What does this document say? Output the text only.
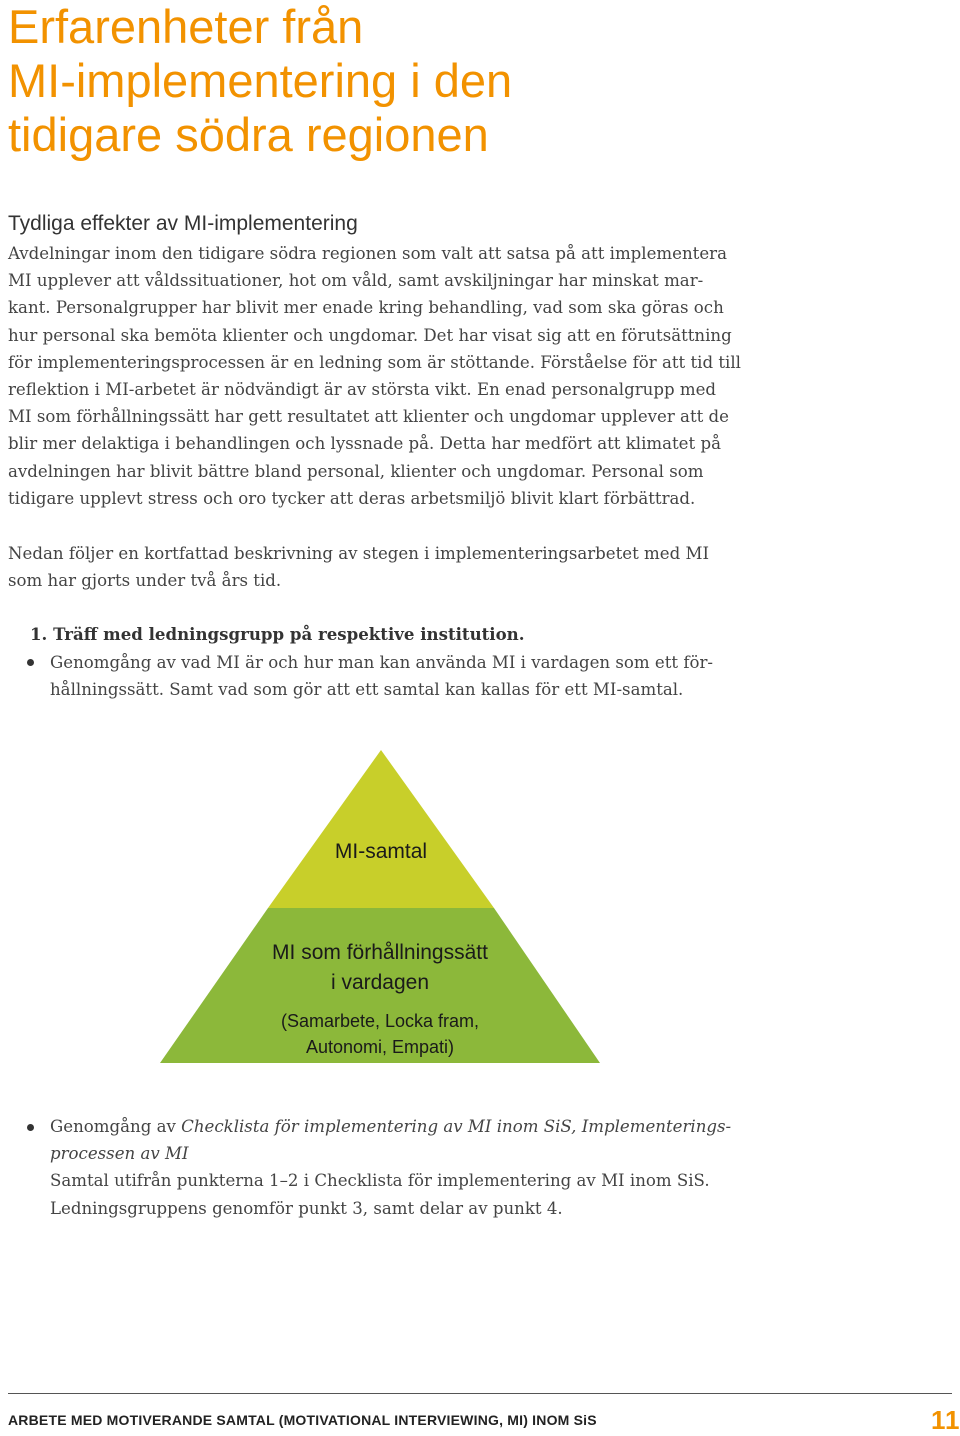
Erfarenheter från
MI-implementering i den
tidigare södra regionen
Tydliga effekter av MI-implementering
Avdelningar inom den tidigare södra regionen som valt att satsa på att implementera
MI upplever att våldssituationer, hot om våld, samt avskiljningar har minskat mar-
kant. Personalgrupper har blivit mer enade kring behandling, vad som ska göras och
hur personal ska bemöta klienter och ungdomar. Det har visat sig att en förutsättning
för implementeringsprocessen är en ledning som är stöttande. Förståelse för att tid till
reflektion i MI-arbetet är nödvändigt är av största vikt. En enad personalgrupp med
MI som förhållningssätt har gett resultatet att klienter och ungdomar upplever att de
blir mer delaktiga i behandlingen och lyssnade på. Detta har medfört att klimatet på
avdelningen har blivit bättre bland personal, klienter och ungdomar. Personal som
tidigare upplevt stress och oro tycker att deras arbetsmiljö blivit klart förbättrad.
Nedan följer en kortfattad beskrivning av stegen i implementeringsarbetet med MI
som har gjorts under två års tid.

1. Träff med ledningsgrupp på respektive institution.

Genomgång av vad MI är och hur man kan använda MI i vardagen som ett för-
hållningssätt. Samt vad som gör att ett samtal kan kallas för ett MI-samtal.

MI-samtal

MI som förhållningssätt

i vardagen

(Samarbete, Locka fram,

Autonomi, Empati)

Genomgång av Checklista för implementering av MI inom SiS, Implementerings-
processen av MI
Samtal utifrån punkterna 1–2 i Checklista för implementering av MI inom SiS.
Ledningsgruppens genomför punkt 3, samt delar av punkt 4.

ARBETE MED MOTIVERANDE SAMTAL (MOTIVATIONAL INTERVIEWING, MI) INOM SiS	11
